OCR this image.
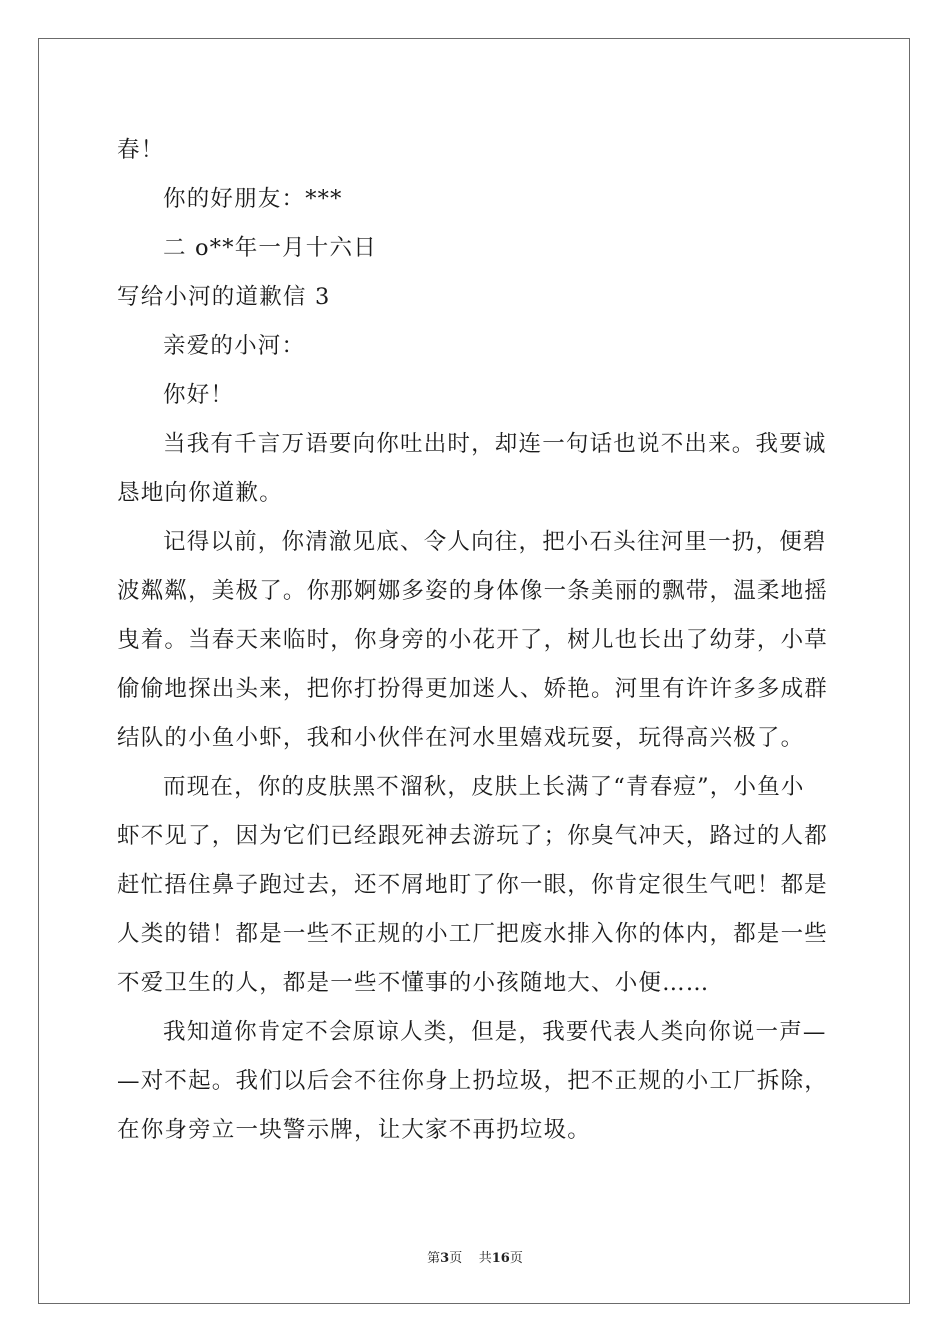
春！
你的好朋友：***
二 o**年一月十六日
写给小河的道歉信 3
亲爱的小河：
你好！
当我有千言万语要向你吐出时，却连一句话也说不出来。我要诚
恳地向你道歉。
记得以前，你清澈见底、令人向往，把小石头往河里一扔，便碧
波粼粼，美极了。你那婀娜多姿的身体像一条美丽的飘带，温柔地摇
曳着。当春天来临时，你身旁的小花开了，树儿也长出了幼芽，小草
偷偷地探出头来，把你打扮得更加迷人、娇艳。河里有许许多多成群
结队的小鱼小虾，我和小伙伴在河水里嬉戏玩耍，玩得高兴极了。
而现在，你的皮肤黑不溜秋，皮肤上长满了“青春痘”，小鱼小
虾不见了，因为它们已经跟死神去游玩了；你臭气冲天，路过的人都
赶忙捂住鼻子跑过去，还不屑地盯了你一眼，你肯定很生气吧！都是
人类的错！都是一些不正规的小工厂把废水排入你的体内，都是一些
不爱卫生的人，都是一些不懂事的小孩随地大、小便……
我知道你肯定不会原谅人类，但是，我要代表人类向你说一声—
—对不起。我们以后会不往你身上扔垃圾，把不正规的小工厂拆除，
在你身旁立一块警示牌，让大家不再扔垃圾。
第3页 共16页
